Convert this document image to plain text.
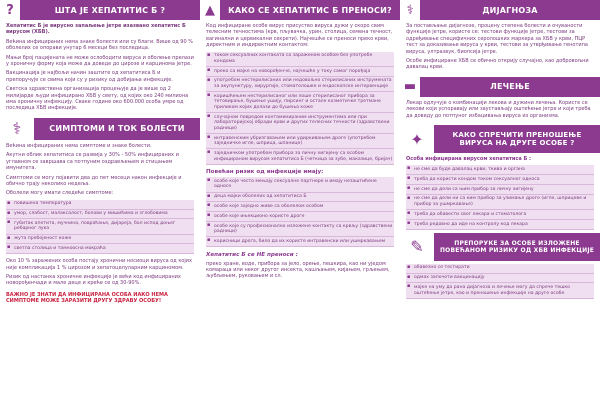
?	ШТА ЈЕ ХЕПАТИТИС Б ?

Хепатитис Б је вирусно запаљење јетре изазвано хепатитис Б вирусом (ХБВ).

Већина инфицираних нема знаке болести или су благи. Више од 90 % оболелих се опорави унутар 6 месеци без последица.

Мањи број пацијената не може ослободити вируса и оболење прелази у хроничну форму која може да доведе до цирозе и карцинома јетре.

Вакцинација је најбољи начин заштите од хепатитиса Б и препоручује се свима који су у ризику од добијања инфекције.

Светска здравствена организација процењује да је више од 2 милијарде људи инфицирано ХБВ у свету, од којих око 240 милиона има хроничну инфекцију. Сваке године око 600.000 особа умре од последица ХБВ инфекције.

⚕	СИМПТОМИ И ТОК БОЛЕСТИ

Већина инфицираних нема симптоме и знаке болести.

Акутни облик хепатитиса се развија у 30% - 50% инфицираних и углавном се завршава са потпуним оздрављењем и стицањем имунитета.

Симптоми се могу појавити два до пет месеци након инфекције и обично трају неколико недеља.

Оболели могу имати следеће симптоме:

▪ повишена температура
▪ умор, слабост, малаксалост, болови у мишићима и зглобовима
▪ губитак апетита, мучнина, повраћање, дијареја, бол испод доњег ребарног лука
▪ жута пребојеност коже
▪ светла столица и тамноосна мокраћа

Око 10 % заражених особа постају хронични носиоци вируса од којих није компликација 1 % цирозом и хепатоцелуларним карциномом.

Ризик од настанка хроничне инфекције је већи код инфицираних новорођенчади и мале деце и креће се од 30-90%.

ВАЖНО ЈЕ ЗНАТИ ДА ИНФИЦИРАНА ОСОБА ИАКО НЕМА СИМПТОМЕ МОЖЕ ЗАРАЗИТИ ДРУГУ ЗДРАВУ ОСОБУ!

▲	КАКО СЕ ХЕПАТИТИС Б ПРЕНОСИ?

Код инфициране особе вирус присуство вируса дужи у скоро свим телесним течностима (крв, пљувачка, урин, столица, семена течност, вагинални и цервикални секрети). Најчешће се преноси преко крви, директним и индиректним контактом:

▪ током сексуалних контаката са зараженом особом без употребе кондома
▪ преко са мајке на новорођенче, најчешће у току самог порођаја
▪ употребом нестерилисаних или недовољно стерилисаних инструмената за акупунктуру, хирургије, стоматолошке и ендоскопске интервенције
▪ коришћењем нестерилисаног или лоше стерилисаног прибора за тетовирање, бушење ушију, пирсинг и остале козметичке третмане приликом којих долази до бушења коже
▪ случајном повредом контаминираним инструментима или при лабораторијској обради крви и других телесних течности (здравствени радници)
▪ интравенским убризгавањем или удиркивањем дроге (употребом заједничке игле, шприца, шпанице)
▪ заједничком употребом прибора за личну хигијену са особом инфицираном вирусом хепатитиса Б (четкица за зубе, маказице, бријач)
Повећан ризик од инфекције имају:
▪ особе које често мењају сексуалне партнере и имају незаштићене односе
▪ деца мајки оболелих од хепатитиса Б
▪ особе које заједно живе са оболелом особом
▪ особе које ињекционо користе дроге
▪ особе које су професионално изложене контакту са крвљу (здравствени радници)
▪ корисници дрога, било да их користе интравенски или ушмркавањем
Хепатитис Б се НЕ преноси :

преко хране, воде, прибора за јело, орење, пешкира, као ни уједом комараца или неког другог инсекта, кашљањем, кијањем, грљењем, љубљењем, руковањем и сл.

⚕	ДИЈАГНОЗА

За постављање дијагнозе, процену степена болести и очуваности функције јетре, користе се: тестови функције јетре, тестови за одређивање специфичних серолошких маркера за ХБВ у крви, ПЦР тест за доказивање вируса у крви, тестови за утврђивање генотипа вируса, ултразвук, биопсија јетре.

Особе инфициране ХБВ се обично открију случајно, као добровољни давалац крви.

▬	ЛЕЧЕЊЕ

Лекар одлучује о комбинацији лекова и дужини лечења. Користе се лекови који успоравају или заустављају оштећење јетре и који треба да доведу до потпуног избацивања вируса из организма.

✦	КАКО СПРЕЧИТИ ПРЕНОШЕЊЕ ВИРУСА НА ДРУГЕ ОСОБЕ ?

Особа инфицирана вирусом хепатитиса Б :

▪ не сме да буде давалац крви, ткива и органа
▪ треба да користи кондом током сексуалног односа
▪ не сме да дели са њим прибор за личну хигијену
▪ не сме да дели ни са ким прибор за узимање дроге (игле, шприцеве и прибор за ушмркавање)
▪ треба да обавести свог лекара и стоматолога
▪ треба редовно да иде на контролу код лекара
✎	ПРЕПОРУКЕ ЗА ОСОБЕ ИЗЛОЖЕНЕ ПОВЕЋАНОМ РИЗИКУ ОД ХБВ ИНФЕКЦИЈЕ
▪ обавезно се тестирати
▪ одмах започети вакцинацију
▪ мајке на уму да рана дијагноза и лечење могу да спрече тешко оштећење јетре, као и преношење инфекције на друге особе
